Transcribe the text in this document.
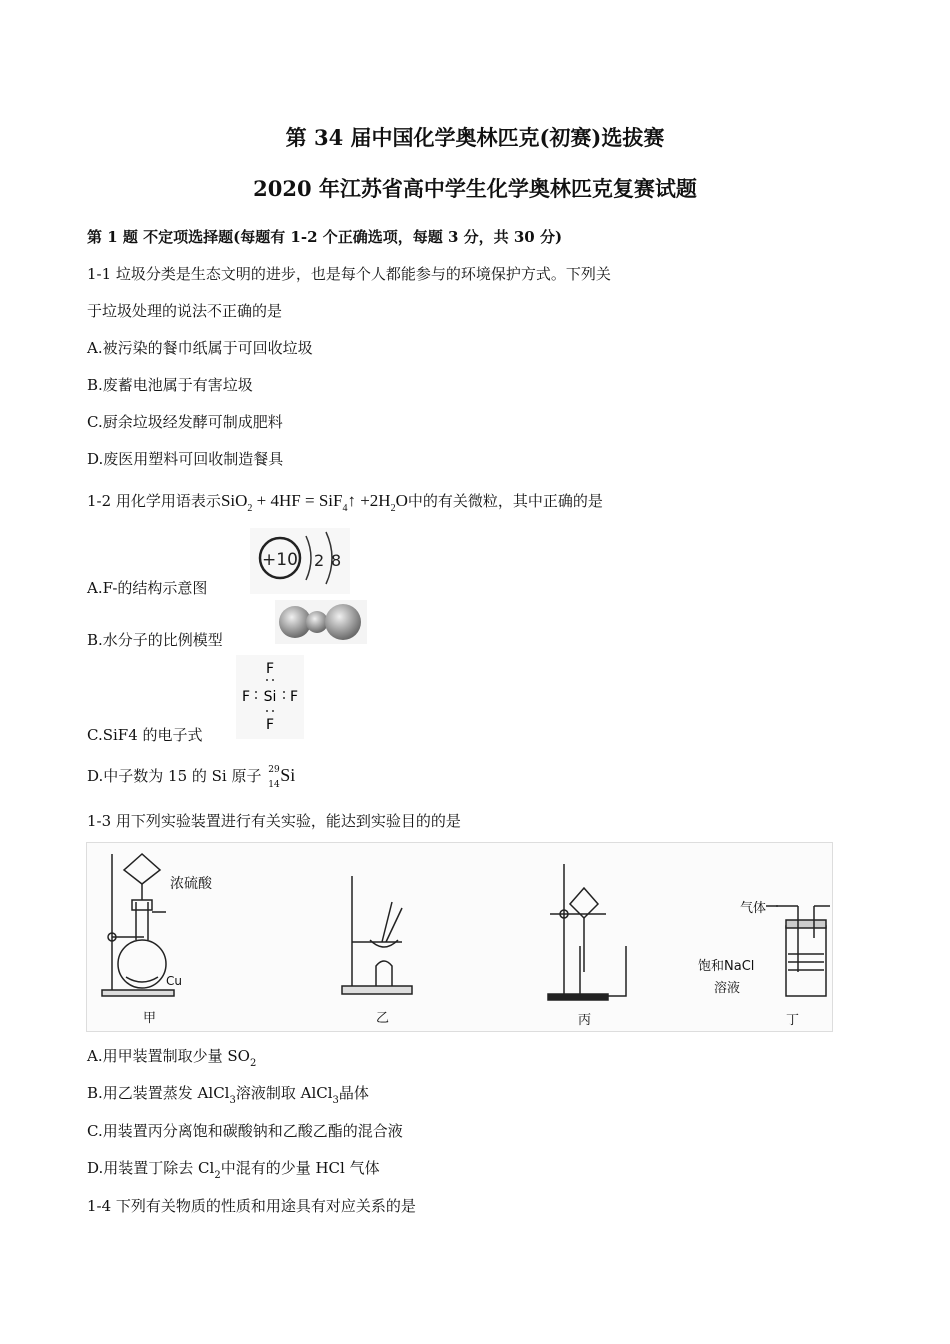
第 34 届中国化学奥林匹克(初赛)选拔赛
2020 年江苏省高中学生化学奥林匹克复赛试题
第 1 题 不定项选择题(每题有 1-2 个正确选项，每题 3 分，共 30 分)
1-1 垃圾分类是生态文明的进步，也是每个人都能参与的环境保护方式。下列关
于垃圾处理的说法不正确的是
A.被污染的餐巾纸属于可回收垃圾
B.废蓄电池属于有害垃圾
C.厨余垃圾经发酵可制成肥料
D.废医用塑料可回收制造餐具
1-2 用化学用语表示SiO$_2$ + 4HF = SiF$_4$↑ $+2H_2O$中的有关微粒，其中正确的是
A.F-的结构示意图
+10 2 8
B.水分子的比例模型
C.SiF4 的电子式
F
F Si F
F
D.中子数为 15 的 Si 原子 29
14 Si
1-3 用下列实验装置进行有关实验，能达到实验目的的是
浓硫酸
Cu
甲	乙	丙
气体
饱和NaCl
溶液
丁
A.用甲装置制取少量 $SO_2$
B.用乙装置蒸发 AlCl$_3$溶液制取 AlCl$_3$晶体
C.用装置丙分离饱和碳酸钠和乙酸乙酯的混合液
D.用装置丁除去 $Cl_2$中混有的少量 HCl 气体
1-4 下列有关物质的性质和用途具有对应关系的是
